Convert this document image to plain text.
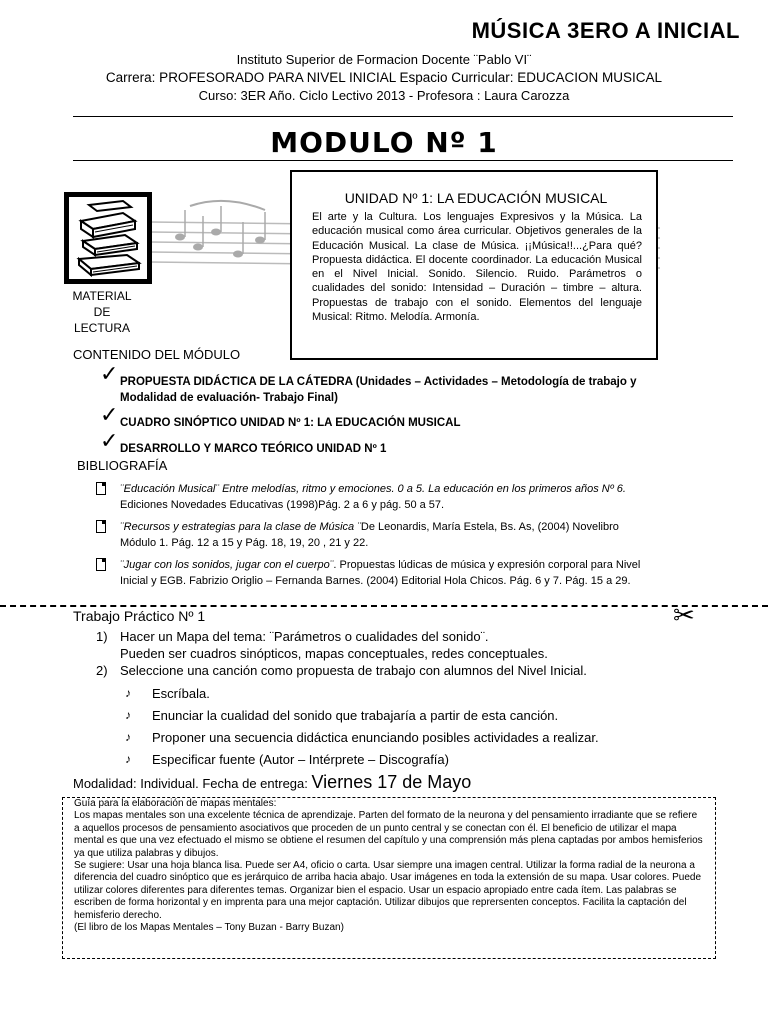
MÚSICA 3ERO A INICIAL
Instituto Superior de Formacion Docente ¨Pablo VI¨
Carrera: PROFESORADO PARA NIVEL INICIAL Espacio Curricular: EDUCACION MUSICAL
Curso: 3ER Año. Ciclo Lectivo 2013 - Profesora : Laura Carozza
MODULO Nº 1
MATERIAL
DE
LECTURA
UNIDAD Nº 1: LA EDUCACIÓN MUSICAL
El arte y la Cultura. Los lenguajes Expresivos y la Música. La educación musical como área curricular. Objetivos generales de la Educación Musical. La clase de Música. ¡¡Música!!...¿Para qué? Propuesta didáctica. El docente coordinador. La educación Musical en el Nivel Inicial. Sonido. Silencio. Ruido. Parámetros o cualidades del sonido: Intensidad – Duración – timbre – altura. Propuestas de trabajo con el sonido. Elementos del lenguaje Musical: Ritmo. Melodía. Armonía.
CONTENIDO DEL MÓDULO
✓ PROPUESTA DIDÁCTICA DE LA CÁTEDRA (Unidades – Actividades – Metodología de trabajo y Modalidad de evaluación- Trabajo Final)
✓ CUADRO SINÓPTICO UNIDAD Nº 1: LA EDUCACIÓN MUSICAL
✓ DESARROLLO Y MARCO TEÓRICO UNIDAD Nº 1
BIBLIOGRAFÍA
¨Educación Musical¨ Entre melodías, ritmo y emociones. 0 a 5. La educación en los primeros años Nº 6.
Ediciones Novedades Educativas (1998)Pág. 2 a 6 y pág. 50 a 57.
¨Recursos y estrategias para la clase de Música ¨De Leonardis, María Estela, Bs. As, (2004) Novelibro Módulo 1. Pág. 12 a 15 y Pág. 18, 19, 20 , 21 y 22.
¨Jugar con los sonidos, jugar con el cuerpo¨. Propuestas lúdicas de música y expresión corporal para Nivel Inicial y EGB. Fabrizio Origlio – Fernanda Barnes. (2004) Editorial Hola Chicos. Pág. 6 y 7. Pág. 15 a 29.
✂
Trabajo Práctico Nº 1
1) Hacer un Mapa del tema: ¨Parámetros o cualidades del sonido¨.
Pueden ser cuadros sinópticos, mapas conceptuales, redes conceptuales.
2) Seleccione una canción como propuesta de trabajo con alumnos del Nivel Inicial.
♪ Escríbala.
♪ Enunciar la cualidad del sonido que trabajaría a partir de esta canción.
♪ Proponer una secuencia didáctica enunciando posibles actividades a realizar.
♪ Especificar fuente (Autor – Intérprete – Discografía)
Modalidad: Individual. Fecha de entrega: Viernes 17 de Mayo
Guía para la elaboración de mapas mentales:
Los mapas mentales son una excelente técnica de aprendizaje. Parten del formato de la neurona y del pensamiento irradiante que se refiere a aquellos procesos de pensamiento asociativos que proceden de un punto central y se conectan con él. El beneficio de utilizar el mapa mental es que una vez efectuado el mismo se obtiene el resumen del capítulo y una comprensión más plena captadas por ambos hemisferios ya que utiliza palabras y dibujos.
Se sugiere: Usar una hoja blanca lisa. Puede ser A4, oficio o carta. Usar siempre una imagen central. Utilizar la forma radial de la neurona a diferencia del cuadro sinóptico que es jerárquico de arriba hacia abajo. Usar imágenes en toda la extensión de su mapa. Usar colores. Puede utilizar colores diferentes para diferentes temas. Organizar bien el espacio. Usar un espacio apropiado entre cada ítem. Las palabras se escriben de forma horizontal y en imprenta para una mejor captación. Utilizar dibujos que reprersenten conceptos. Facilita la captación del hemisferio derecho.
(El libro de los Mapas Mentales – Tony Buzan - Barry Buzan)
